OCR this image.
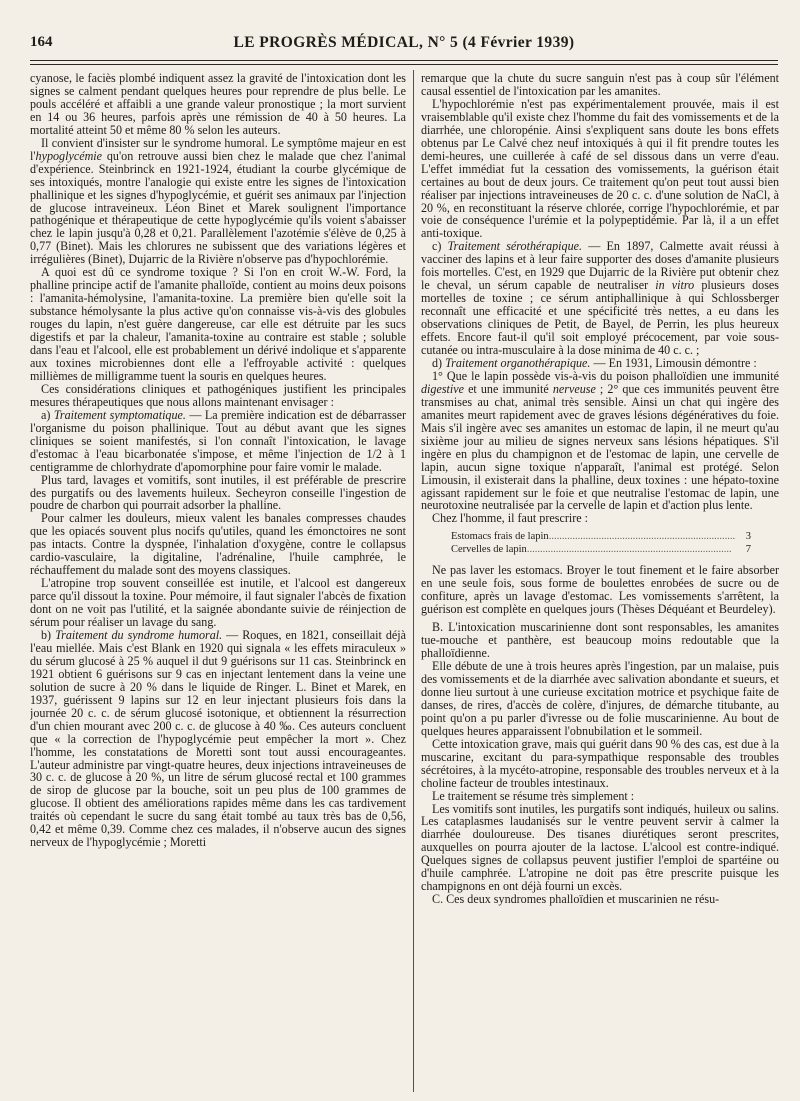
164	LE PROGRÈS MÉDICAL, N° 5 (4 Février 1939)

cyanose, le faciès plombé indiquent assez la gravité de l'intoxication dont les signes se calment pendant quelques heures pour reprendre de plus belle. Le pouls accéléré et affaibli a une grande valeur pronostique ; la mort survient en 14 ou 36 heures, parfois après une rémission de 40 à 50 heures. La mortalité atteint 50 et même 80 % selon les auteurs.

Il convient d'insister sur le syndrome humoral. Le symptôme majeur en est l'hypoglycémie qu'on retrouve aussi bien chez le malade que chez l'animal d'expérience. Steinbrinck en 1921-1924, étudiant la courbe glycémique de ses intoxiqués, montre l'analogie qui existe entre les signes de l'intoxication phallinique et les signes d'hypoglycémie, et guérit ses animaux par l'injection de glucose intraveineux. Léon Binet et Marek soulignent l'importance pathogénique et thérapeutique de cette hypoglycémie qu'ils voient s'abaisser chez le lapin jusqu'à 0,28 et 0,21. Parallèlement l'azotémie s'élève de 0,25 à 0,77 (Binet). Mais les chlorures ne subissent que des variations légères et irrégulières (Binet), Dujarric de la Rivière n'observe pas d'hypochlorémie.

A quoi est dû ce syndrome toxique ? Si l'on en croit W.-W. Ford, la phalline principe actif de l'amanite phalloïde, contient au moins deux poisons : l'amanita-hémolysine, l'amanita-toxine. La première bien qu'elle soit la substance hémolysante la plus active qu'on connaisse vis-à-vis des globules rouges du lapin, n'est guère dangereuse, car elle est détruite par les sucs digestifs et par la chaleur, l'amanita-toxine au contraire est stable ; soluble dans l'eau et l'alcool, elle est probablement un dérivé indolique et s'apparente aux toxines microbiennes dont elle a l'effroyable activité : quelques millièmes de milligramme tuent la souris en quelques heures.

Ces considérations cliniques et pathogéniques justifient les principales mesures thérapeutiques que nous allons maintenant envisager :

a) Traitement symptomatique. — La première indication est de débarrasser l'organisme du poison phallinique. Tout au début avant que les signes cliniques se soient manifestés, si l'on connaît l'intoxication, le lavage d'estomac à l'eau bicarbonatée s'impose, et même l'injection de 1/2 à 1 centigramme de chlorhydrate d'apomorphine pour faire vomir le malade.

Plus tard, lavages et vomitifs, sont inutiles, il est préférable de prescrire des purgatifs ou des lavements huileux. Secheyron conseille l'ingestion de poudre de charbon qui pourrait adsorber la phalline.

Pour calmer les douleurs, mieux valent les banales compresses chaudes que les opiacés souvent plus nocifs qu'utiles, quand les émonctoires ne sont pas intacts. Contre la dyspnée, l'inhalation d'oxygène, contre le collapsus cardio-vasculaire, la digitaline, l'adrénaline, l'huile camphrée, le réchauffement du malade sont des moyens classiques.

L'atropine trop souvent conseillée est inutile, et l'alcool est dangereux parce qu'il dissout la toxine. Pour mémoire, il faut signaler l'abcès de fixation dont on ne voit pas l'utilité, et la saignée abondante suivie de réinjection de sérum pour réaliser un lavage du sang.

b) Traitement du syndrome humoral. — Roques, en 1821, conseillait déjà l'eau miellée. Mais c'est Blank en 1920 qui signala « les effets miraculeux » du sérum glucosé à 25 % auquel il dut 9 guérisons sur 11 cas. Steinbrinck en 1921 obtient 6 guérisons sur 9 cas en injectant lentement dans la veine une solution de sucre à 20 % dans le liquide de Ringer. L. Binet et Marek, en 1937, guérissent 9 lapins sur 12 en leur injectant plusieurs fois dans la journée 20 c. c. de sérum glucosé isotonique, et obtiennent la résurrection d'un chien mourant avec 200 c. c. de glucose à 40 ‰. Ces auteurs concluent que « la correction de l'hypoglycémie peut empêcher la mort ». Chez l'homme, les constatations de Moretti sont tout aussi encourageantes. L'auteur administre par vingt-quatre heures, deux injections intraveineuses de 30 c. c. de glucose à 20 %, un litre de sérum glucosé rectal et 100 grammes de sirop de glucose par la bouche, soit un peu plus de 100 grammes de glucose. Il obtient des améliorations rapides même dans les cas tardivement traités où cependant le sucre du sang était tombé au taux très bas de 0,56, 0,42 et même 0,39. Comme chez ces malades, il n'observe aucun des signes nerveux de l'hypoglycémie ; Moretti

remarque que la chute du sucre sanguin n'est pas à coup sûr l'élément causal essentiel de l'intoxication par les amanites.

L'hypochlorémie n'est pas expérimentalement prouvée, mais il est vraisemblable qu'il existe chez l'homme du fait des vomissements et de la diarrhée, une chloropénie. Ainsi s'expliquent sans doute les bons effets obtenus par Le Calvé chez neuf intoxiqués à qui il fit prendre toutes les demi-heures, une cuillerée à café de sel dissous dans un verre d'eau. L'effet immédiat fut la cessation des vomissements, la guérison était certaines au bout de deux jours. Ce traitement qu'on peut tout aussi bien réaliser par injections intraveineuses de 20 c. c. d'une solution de NaCl, à 20 %, en reconstituant la réserve chlorée, corrige l'hypochlorémie, et par voie de conséquence l'urémie et la polypeptidémie. Par là, il a un effet anti-toxique.

c) Traitement sérothérapique. — En 1897, Calmette avait réussi à vacciner des lapins et à leur faire supporter des doses d'amanite plusieurs fois mortelles. C'est, en 1929 que Dujarric de la Rivière put obtenir chez le cheval, un sérum capable de neutraliser in vitro plusieurs doses mortelles de toxine ; ce sérum antiphallinique à qui Schlossberger reconnaît une efficacité et une spécificité très nettes, a eu dans les observations cliniques de Petit, de Bayel, de Perrin, les plus heureux effets. Encore faut-il qu'il soit employé précocement, par voie sous-cutanée ou intra-musculaire à la dose minima de 40 c. c. ;

d) Traitement organothérapique. — En 1931, Limousin démontre :

1° Que le lapin possède vis-à-vis du poison phalloïdien une immunité digestive et une immunité nerveuse ; 2° que ces immunités peuvent être transmises au chat, animal très sensible. Ainsi un chat qui ingère des amanites meurt rapidement avec de graves lésions dégénératives du foie. Mais s'il ingère avec ses amanites un estomac de lapin, il ne meurt qu'au sixième jour au milieu de signes nerveux sans lésions hépatiques. S'il ingère en plus du champignon et de l'estomac de lapin, une cervelle de lapin, aucun signe toxique n'apparaît, l'animal est protégé. Selon Limousin, il existerait dans la phalline, deux toxines : une hépato-toxine agissant rapidement sur le foie et que neutralise l'estomac de lapin, une neurotoxine neutralisée par la cervelle de lapin et d'action plus lente.

Chez l'homme, il faut prescrire :

Estomacs frais de lapin .....	3
Cervelles de lapin .....	7

Ne pas laver les estomacs. Broyer le tout finement et le faire absorber en une seule fois, sous forme de boulettes enrobées de sucre ou de confiture, après un lavage d'estomac. Les vomissements s'arrêtent, la guérison est complète en quelques jours (Thèses Déquéant et Beurdeley).

B. L'intoxication muscarinienne dont sont responsables, les amanites tue-mouche et panthère, est beaucoup moins redoutable que la phalloïdienne.

Elle débute de une à trois heures après l'ingestion, par un malaise, puis des vomissements et de la diarrhée avec salivation abondante et sueurs, et donne lieu surtout à une curieuse excitation motrice et psychique faite de danses, de rires, d'accès de colère, d'injures, de démarche titubante, au point qu'on a pu parler d'ivresse ou de folie muscarinienne. Au bout de quelques heures apparaissent l'obnubilation et le sommeil.

Cette intoxication grave, mais qui guérit dans 90 % des cas, est due à la muscarine, excitant du para-sympathique responsable des troubles sécrétoires, à la mycéto-atropine, responsable des troubles nerveux et à la choline facteur de troubles intestinaux.

Le traitement se résume très simplement :

Les vomitifs sont inutiles, les purgatifs sont indiqués, huileux ou salins. Les cataplasmes laudanisés sur le ventre peuvent servir à calmer la diarrhée douloureuse. Des tisanes diurétiques seront prescrites, auxquelles on pourra ajouter de la lactose. L'alcool est contre-indiqué. Quelques signes de collapsus peuvent justifier l'emploi de spartéine ou d'huile camphrée. L'atropine ne doit pas être prescrite puisque les champignons en ont déjà fourni un excès.

C. Ces deux syndromes phalloïdien et muscarinien ne résu-
